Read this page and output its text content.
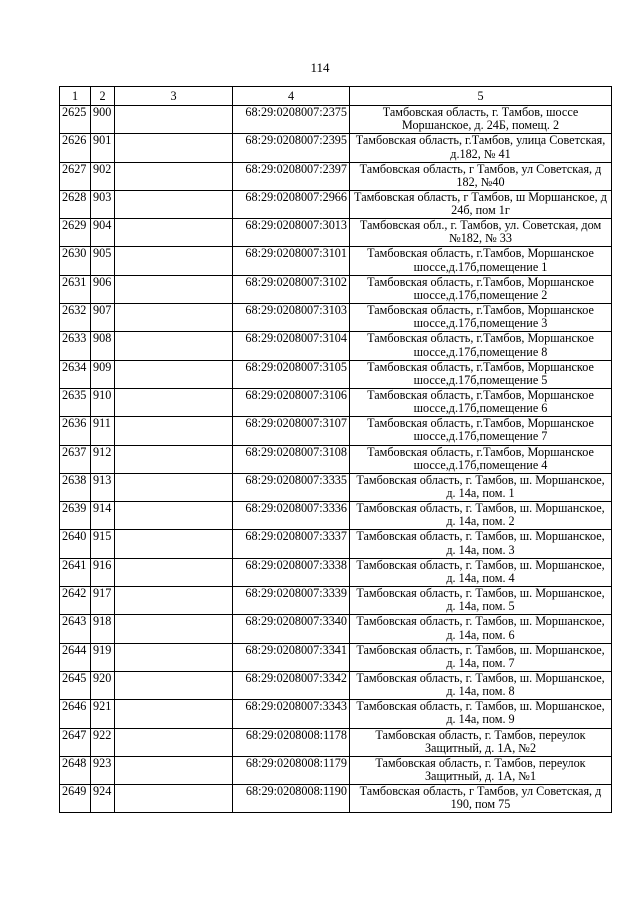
114
1	2	3	4	5
2625	900		68:29:0208007:2375	Тамбовская область, г. Тамбов, шоссе Моршанское, д. 24Б, помещ. 2
2626	901		68:29:0208007:2395	Тамбовская область, г.Тамбов, улица Советская, д.182, № 41
2627	902		68:29:0208007:2397	Тамбовская область, г Тамбов, ул Советская, д 182, №40
2628	903		68:29:0208007:2966	Тамбовская область, г Тамбов, ш Моршанское, д 24б, пом 1г
2629	904		68:29:0208007:3013	Тамбовская обл., г. Тамбов, ул. Советская, дом №182, № 33
2630	905		68:29:0208007:3101	Тамбовская область, г.Тамбов, Моршанское шоссе,д.17б,помещение 1
2631	906		68:29:0208007:3102	Тамбовская область, г.Тамбов, Моршанское шоссе,д.17б,помещение 2
2632	907		68:29:0208007:3103	Тамбовская область, г.Тамбов, Моршанское шоссе,д.17б,помещение 3
2633	908		68:29:0208007:3104	Тамбовская область, г.Тамбов, Моршанское шоссе,д.17б,помещение 8
2634	909		68:29:0208007:3105	Тамбовская область, г.Тамбов, Моршанское шоссе,д.17б,помещение 5
2635	910		68:29:0208007:3106	Тамбовская область, г.Тамбов, Моршанское шоссе,д.17б,помещение 6
2636	911		68:29:0208007:3107	Тамбовская область, г.Тамбов, Моршанское шоссе,д.17б,помещение 7
2637	912		68:29:0208007:3108	Тамбовская область, г.Тамбов, Моршанское шоссе,д.17б,помещение 4
2638	913		68:29:0208007:3335	Тамбовская область, г. Тамбов, ш. Моршанское, д. 14а, пом. 1
2639	914		68:29:0208007:3336	Тамбовская область, г. Тамбов, ш. Моршанское, д. 14а, пом. 2
2640	915		68:29:0208007:3337	Тамбовская область, г. Тамбов, ш. Моршанское, д. 14а, пом. 3
2641	916		68:29:0208007:3338	Тамбовская область, г. Тамбов, ш. Моршанское, д. 14а, пом. 4
2642	917		68:29:0208007:3339	Тамбовская область, г. Тамбов, ш. Моршанское, д. 14а, пом. 5
2643	918		68:29:0208007:3340	Тамбовская область, г. Тамбов, ш. Моршанское, д. 14а, пом. 6
2644	919		68:29:0208007:3341	Тамбовская область, г. Тамбов, ш. Моршанское, д. 14а, пом. 7
2645	920		68:29:0208007:3342	Тамбовская область, г. Тамбов, ш. Моршанское, д. 14а, пом. 8
2646	921		68:29:0208007:3343	Тамбовская область, г. Тамбов, ш. Моршанское, д. 14а, пом. 9
2647	922		68:29:0208008:1178	Тамбовская область, г. Тамбов, переулок Защитный, д. 1А, №2
2648	923		68:29:0208008:1179	Тамбовская область, г. Тамбов, переулок Защитный, д. 1А, №1
2649	924		68:29:0208008:1190	Тамбовская область, г Тамбов, ул Советская, д 190, пом 75
